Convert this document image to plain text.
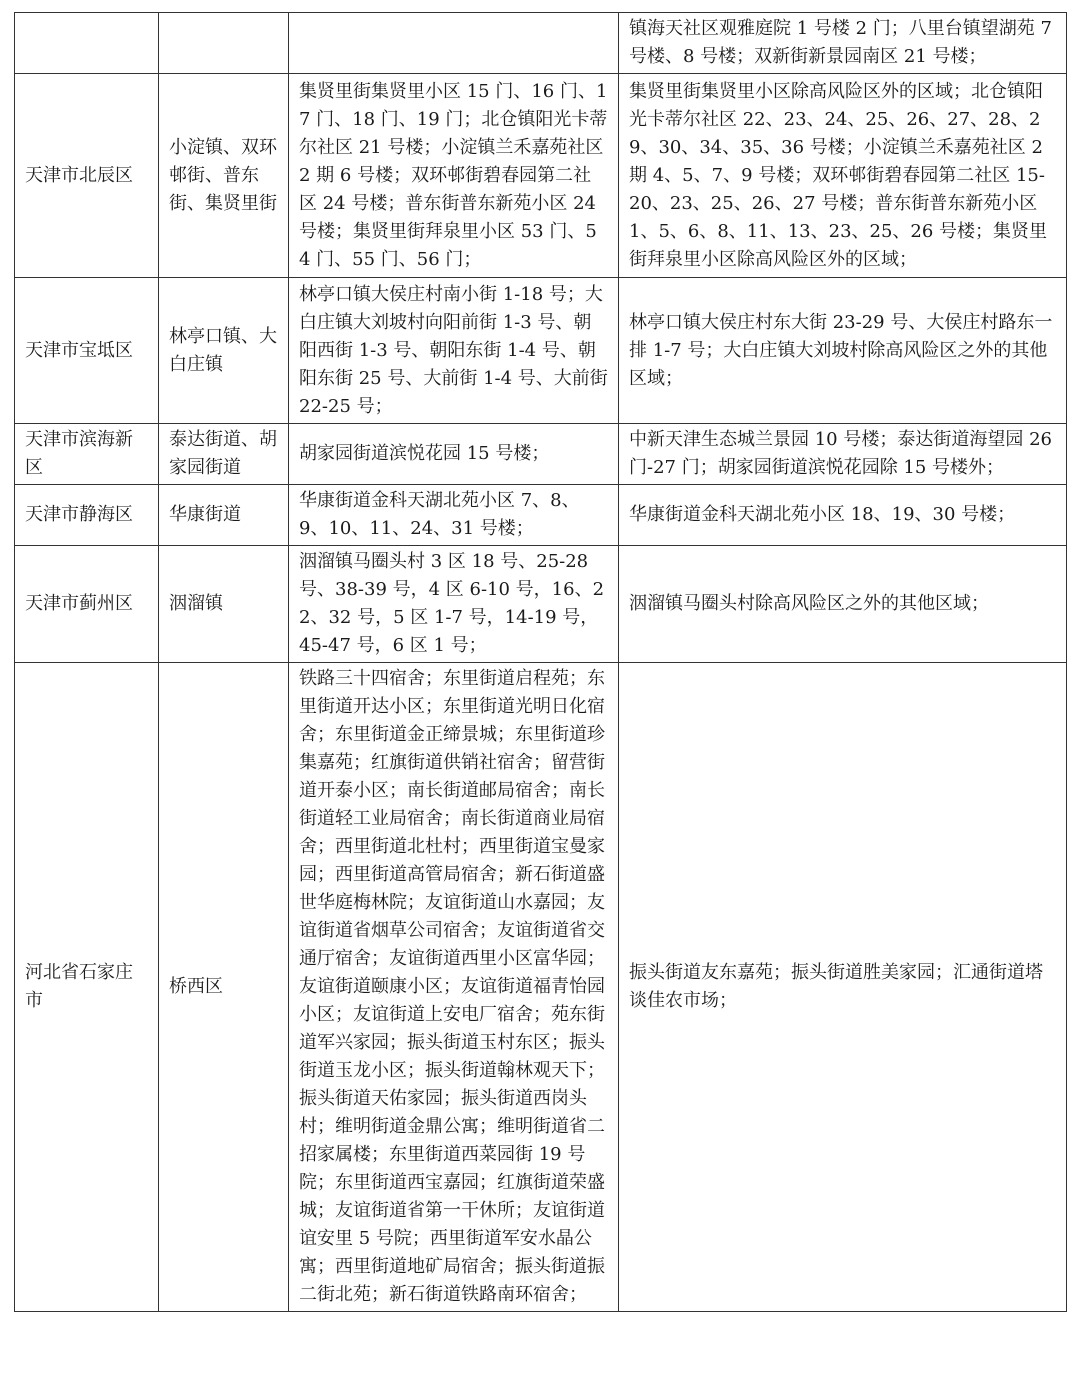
			镇海天社区观雅庭院 1 号楼 2 门；八里台镇望湖苑 7 号楼、8 号楼；双新街新景园南区 21 号楼；
天津市北辰区	小淀镇、双环邨街、普东街、集贤里街	集贤里街集贤里小区 15 门、16 门、17 门、18 门、19 门；北仓镇阳光卡蒂尔社区 21 号楼；小淀镇兰禾嘉苑社区 2 期 6 号楼；双环邨街碧春园第二社区 24 号楼；普东街普东新苑小区 24 号楼；集贤里街拜泉里小区 53 门、54 门、55 门、56 门；	集贤里街集贤里小区除高风险区外的区域；北仓镇阳光卡蒂尔社区 22、23、24、25、26、27、28、29、30、34、35、36 号楼；小淀镇兰禾嘉苑社区 2 期 4、5、7、9 号楼；双环邨街碧春园第二社区 15-20、23、25、26、27 号楼；普东街普东新苑小区 1、5、6、8、11、13、23、25、26 号楼；集贤里街拜泉里小区除高风险区外的区域；
天津市宝坻区	林亭口镇、大白庄镇	林亭口镇大侯庄村南小街 1-18 号；大白庄镇大刘坡村向阳前街 1-3 号、朝阳西街 1-3 号、朝阳东街 1-4 号、朝阳东街 25 号、大前街 1-4 号、大前街 22-25 号；	林亭口镇大侯庄村东大街 23-29 号、大侯庄村路东一排 1-7 号；大白庄镇大刘坡村除高风险区之外的其他区域；
天津市滨海新区	泰达街道、胡家园街道	胡家园街道滨悦花园 15 号楼；	中新天津生态城兰景园 10 号楼；泰达街道海望园 26 门-27 门；胡家园街道滨悦花园除 15 号楼外；
天津市静海区	华康街道	华康街道金科天湖北苑小区 7、8、9、10、11、24、31 号楼；	华康街道金科天湖北苑小区 18、19、30 号楼；
天津市蓟州区	洇溜镇	洇溜镇马圈头村 3 区 18 号、25-28 号、38-39 号，4 区 6-10 号，16、22、32 号，5 区 1-7 号，14-19 号，45-47 号，6 区 1 号；	洇溜镇马圈头村除高风险区之外的其他区域；
河北省石家庄市	桥西区	铁路三十四宿舍；东里街道启程苑；东里街道开达小区；东里街道光明日化宿舍；东里街道金正缔景城；东里街道珍集嘉苑；红旗街道供销社宿舍；留营街道开泰小区；南长街道邮局宿舍；南长街道轻工业局宿舍；南长街道商业局宿舍；西里街道北杜村；西里街道宝曼家园；西里街道高管局宿舍；新石街道盛世华庭梅林院；友谊街道山水嘉园；友谊街道省烟草公司宿舍；友谊街道省交通厅宿舍；友谊街道西里小区富华园；友谊街道颐康小区；友谊街道福青怡园小区；友谊街道上安电厂宿舍；苑东街道军兴家园；振头街道玉村东区；振头街道玉龙小区；振头街道翰林观天下；振头街道天佑家园；振头街道西岗头村；维明街道金鼎公寓；维明街道省二招家属楼；东里街道西菜园街 19 号院；东里街道西宝嘉园；红旗街道荣盛城；友谊街道省第一干休所；友谊街道谊安里 5 号院；西里街道军安水晶公寓；西里街道地矿局宿舍；振头街道振二街北苑；新石街道铁路南环宿舍；	振头街道友东嘉苑；振头街道胜美家园；汇通街道塔谈佳农市场；
